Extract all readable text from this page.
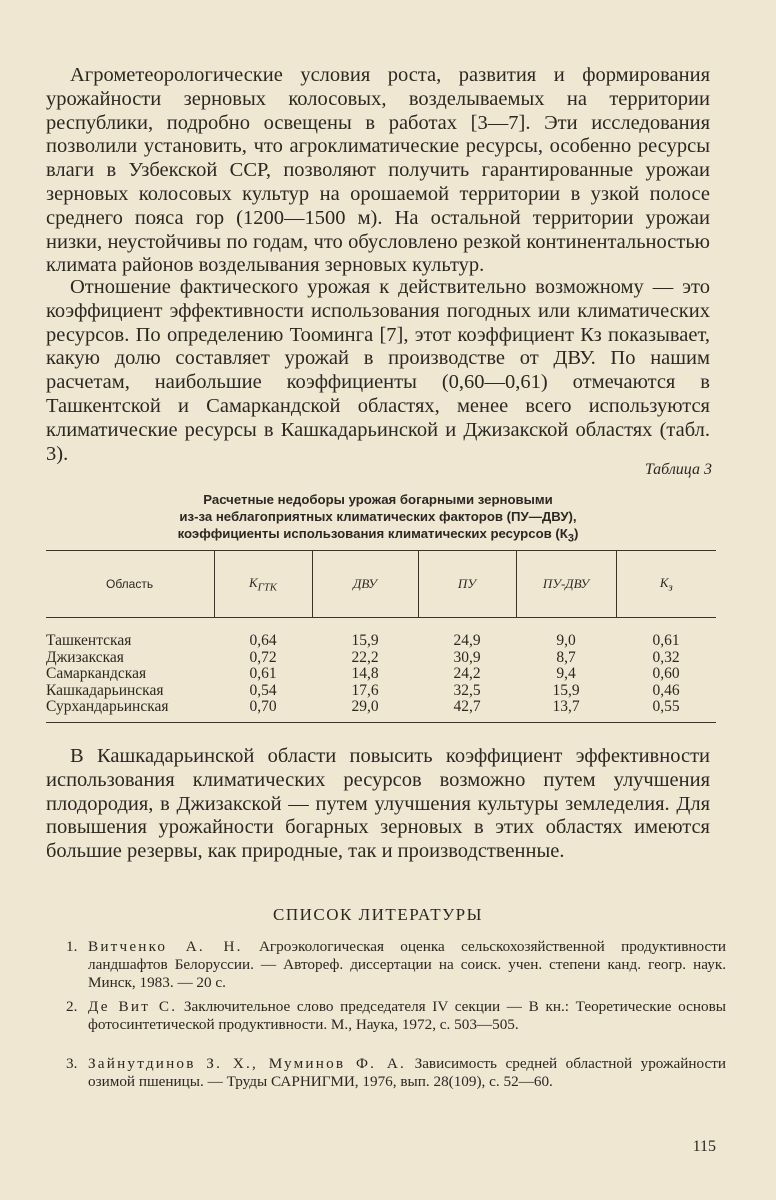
Агрометеорологические условия роста, развития и формирования урожайности зерновых колосовых, возделываемых на территории республики, подробно освещены в работах [3—7]. Эти исследования позволили установить, что агроклиматические ресурсы, особенно ресурсы влаги в Узбекской ССР, позволяют получить гарантированные урожаи зерновых колосовых культур на орошаемой территории в узкой полосе среднего пояса гор (1200—1500 м). На остальной территории урожаи низки, неустойчивы по годам, что обусловлено резкой континентальностью климата районов возделывания зерновых культур.

Отношение фактического урожая к действительно возможному — это коэффициент эффективности использования погодных или климатических ресурсов. По определению Тооминга [7], этот коэффициент Кз показывает, какую долю составляет урожай в производстве от ДВУ. По нашим расчетам, наибольшие коэффициенты (0,60—0,61) отмечаются в Ташкентской и Самаркандской областях, менее всего используются климатические ресурсы в Кашкадарьинской и Джизакской областях (табл. 3).

Таблица 3
Расчетные недоборы урожая богарными зерновыми
из-за неблагоприятных климатических факторов (ПУ—ДВУ),
коэффициенты использования климатических ресурсов $(К_3)$
Область	$К_{ГТК}$	ДВУ	ПУ	ПУ-ДВУ	$К_з$
Ташкентская	0,64	15,9	24,9	9,0	0,61
Джизакская	0,72	22,2	30,9	8,7	0,32
Самаркандская	0,61	14,8	24,2	9,4	0,60
Кашкадарьинская	0,54	17,6	32,5	15,9	0,46
Сурхандарьинская	0,70	29,0	42,7	13,7	0,55

В Кашкадарьинской области повысить коэффициент эффективности использования климатических ресурсов возможно путем улучшения плодородия, в Джизакской — путем улучшения культуры земледелия. Для повышения урожайности богарных зерновых в этих областях имеются большие резервы, как природные, так и производственные.

СПИСОК ЛИТЕРАТУРЫ
1. Витченко А. Н. Агроэкологическая оценка сельскохозяйственной продуктивности ландшафтов Белоруссии. — Автореф. диссертации на соиск. учен. степени канд. геогр. наук. Минск, 1983. — 20 с.
2. Де Вит С. Заключительное слово председателя IV секции — В кн.: Теоретические основы фотосинтетической продуктивности. М., Наука, 1972, с. 503—505.
3. Зайнутдинов З. Х., Муминов Ф. А. Зависимость средней областной урожайности озимой пшеницы. — Труды САРНИГМИ, 1976, вып. 28(109), с. 52—60.
115
